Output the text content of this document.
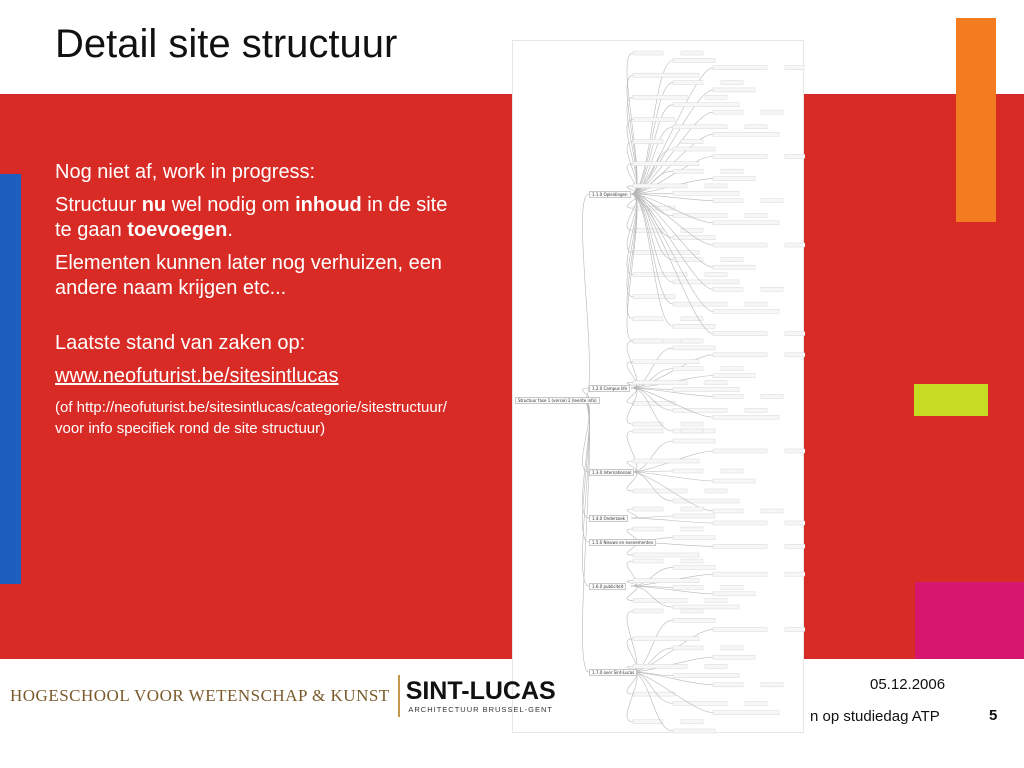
Detail site structuur

Nog niet af, work in progress:

Structuur nu wel nodig om inhoud in de site te gaan toevoegen.

Elementen kunnen later nog verhuizen, een andere naam krijgen etc...

Laatste stand van zaken op:

www.neofuturist.be/sitesintlucas

(of http://neofuturist.be/sitesintlucas/categorie/sitestructuur/ voor info specifiek rond de site structuur)

Structuur fase 1 (versie) 2 (leerite info)
1.1.0 Opleidingen
1.2.0 Campus life
1.3.0 Internationaal
1.4.0 Onderzoek
1.5.0 Nieuws en evenementen
1.6.0 publiciteit
1.7.0 over Sint-Lucas
HOGESCHOOL VOOR WETENSCHAP & KUNST SINT-LUCAS
ARCHITECTUUR BRUSSEL-GENT
05.12.2006
n op studiedag ATP	5
